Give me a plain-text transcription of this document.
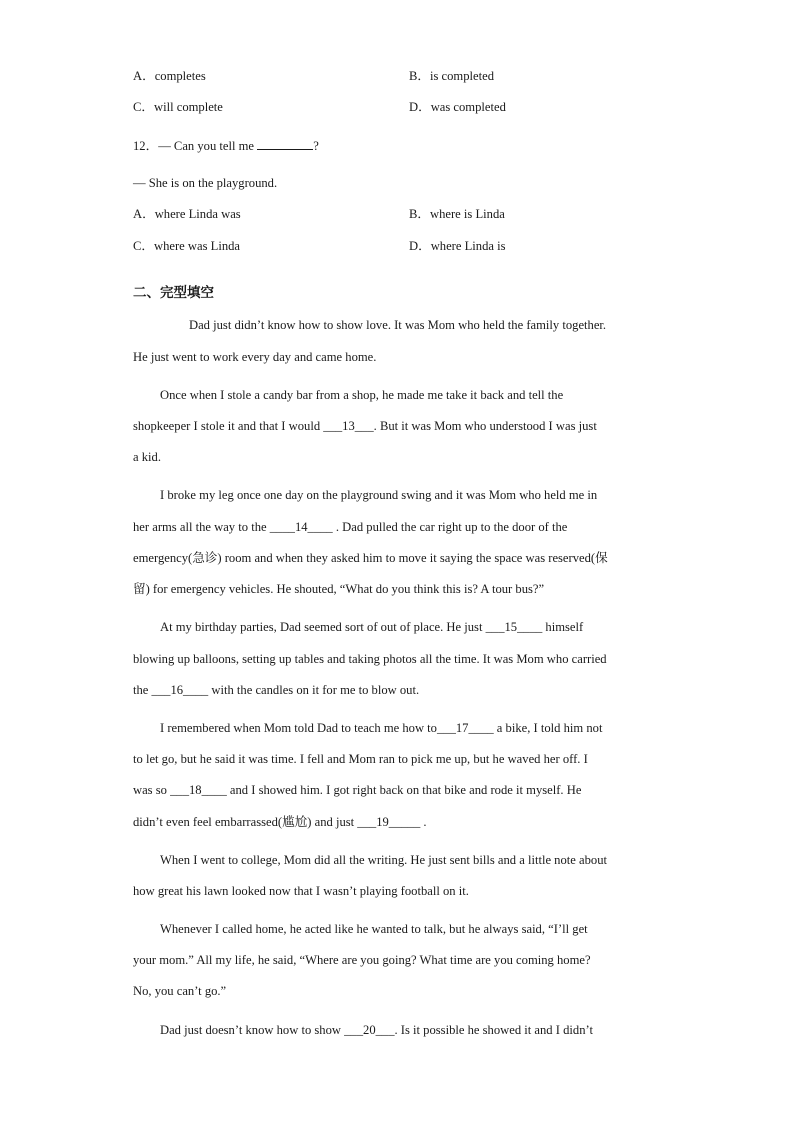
A．completes	B．is completed
C．will complete	D．was completed
12．— Can you tell me	?
— She is on the playground.
A．where Linda was	B．where is Linda
C．where was Linda	D．where Linda is
二、完型填空
Dad just didn’t know how to show love. It was Mom who held the family together.
He just went to work every day and came home.
Once when I stole a candy bar from a shop, he made me take it back and tell the
shopkeeper I stole it and that I would ___13___. But it was Mom who understood I was just
a kid.
I broke my leg once one day on the playground swing and it was Mom who held me in
her arms all the way to the ____14____ . Dad pulled the car right up to the door of the
emergency(急诊) room and when they asked him to move it saying the space was reserved(保
留) for emergency vehicles. He shouted, “What do you think this is? A tour bus?”
At my birthday parties, Dad seemed sort of out of place. He just ___15____ himself
blowing up balloons, setting up tables and taking photos all the time. It was Mom who carried
the ___16____ with the candles on it for me to blow out.
I remembered when Mom told Dad to teach me how to___17____ a bike, I told him not
to let go, but he said it was time. I fell and Mom ran to pick me up, but he waved her off. I
was so ___18____ and I showed him. I got right back on that bike and rode it myself. He
didn’t even feel embarrassed(尴尬) and just ___19_____ .
When I went to college, Mom did all the writing. He just sent bills and a little note about
how great his lawn looked now that I wasn’t playing football on it.
Whenever I called home, he acted like he wanted to talk, but he always said, “I’ll get
your mom.” All my life, he said, “Where are you going? What time are you coming home?
No, you can’t go.”
Dad just doesn’t know how to show ___20___. Is it possible he showed it and I didn’t
